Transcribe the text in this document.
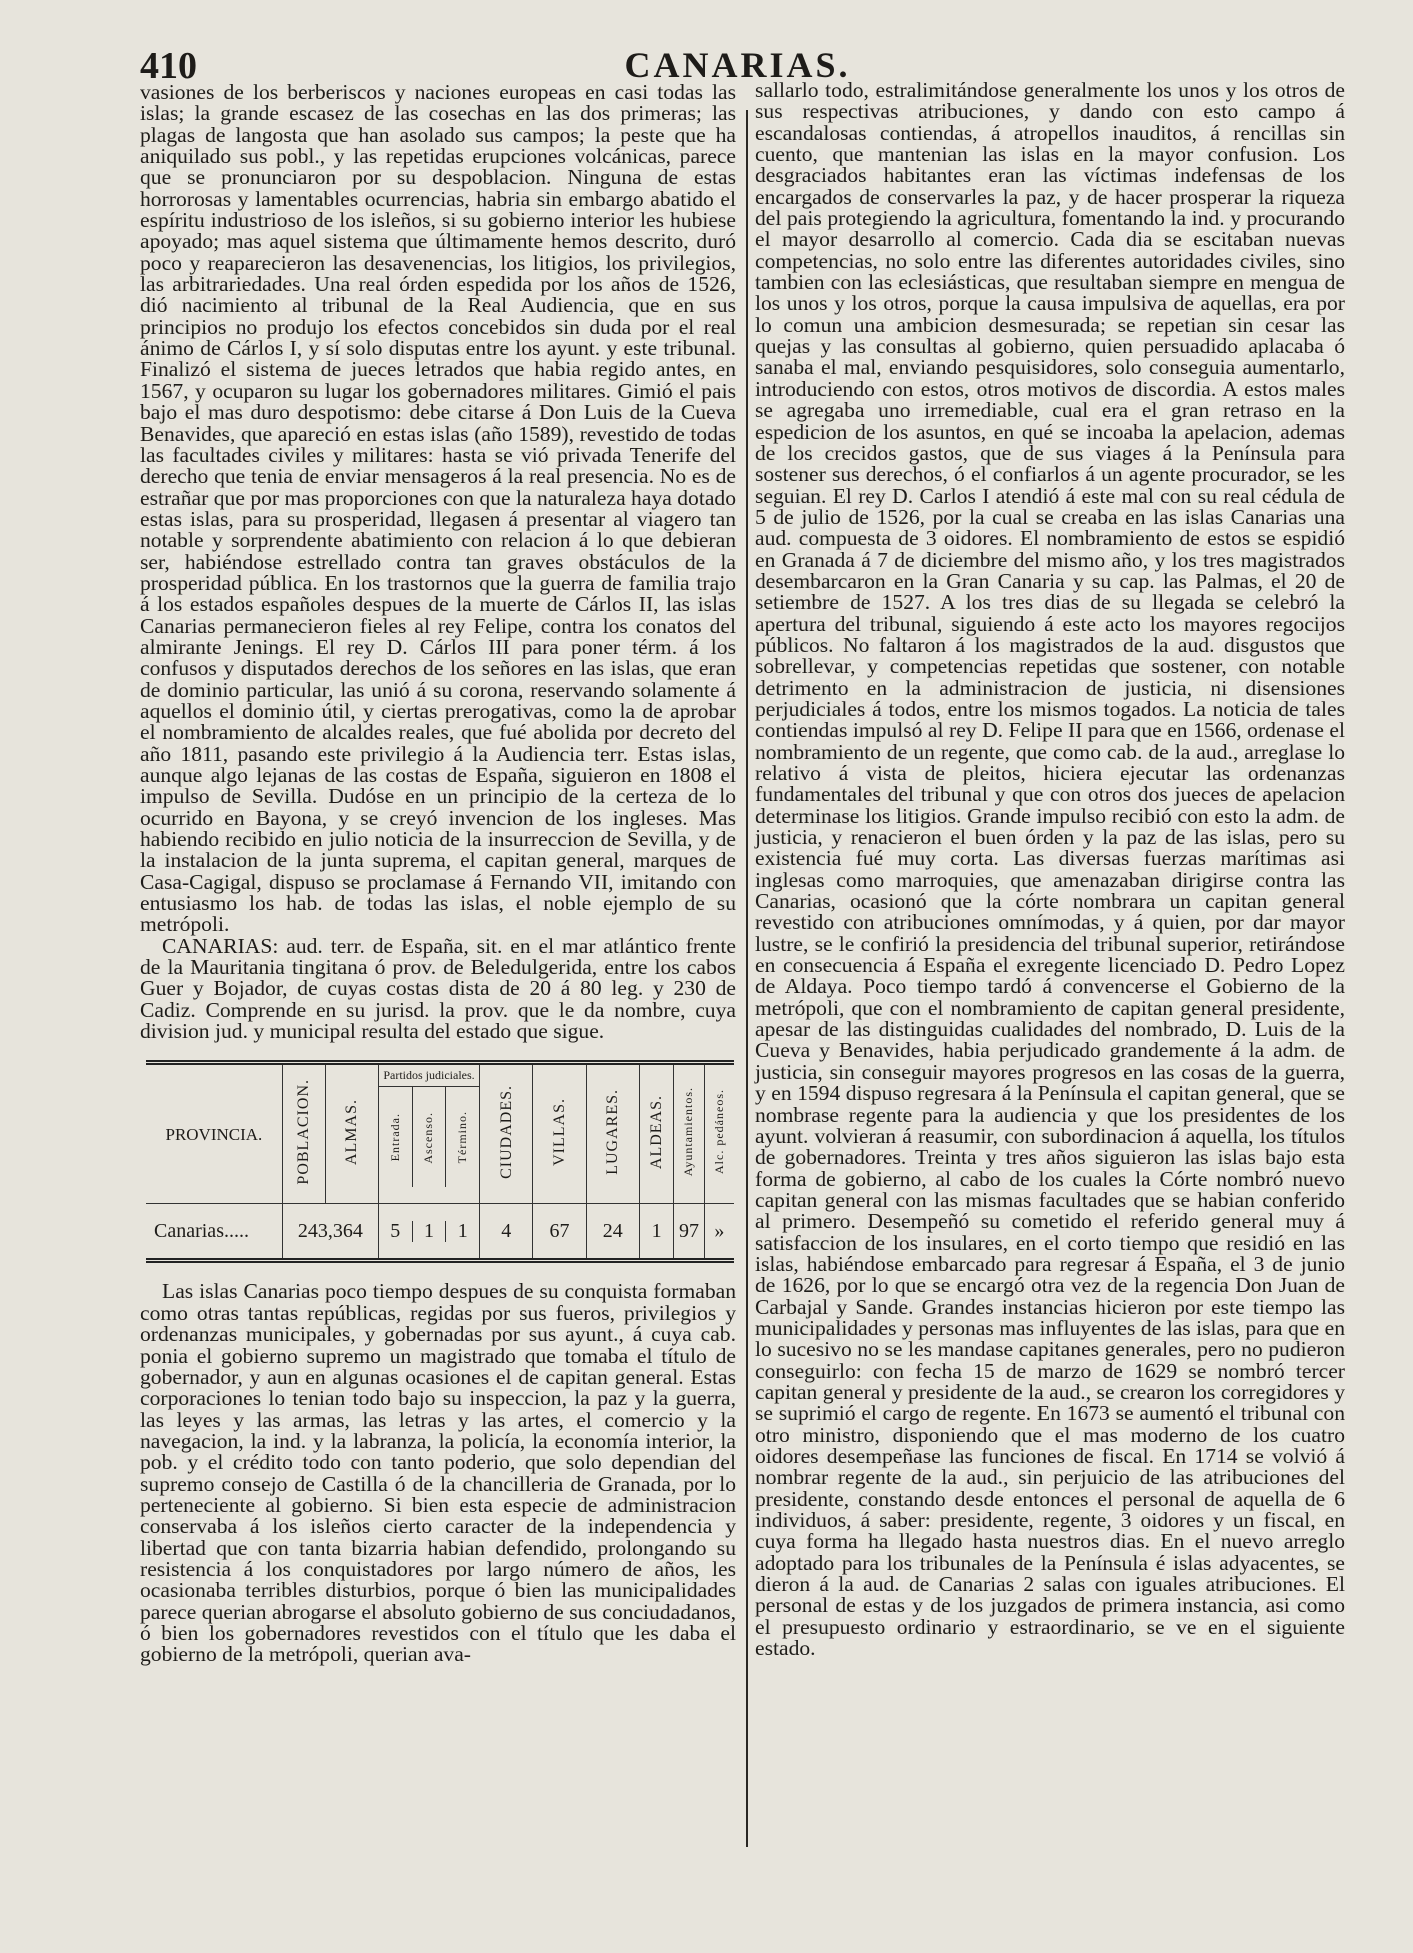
410	CANARIAS.

vasiones de los berberiscos y naciones europeas en casi todas las islas; la grande escasez de las cosechas en las dos primeras; las plagas de langosta que han asolado sus campos; la peste que ha aniquilado sus pobl., y las repetidas erupciones volcánicas, parece que se pronunciaron por su despoblacion. Ninguna de estas horrorosas y lamentables ocurrencias, habria sin embargo abatido el espíritu industrioso de los isleños, si su gobierno interior les hubiese apoyado; mas aquel sistema que últimamente hemos descrito, duró poco y reaparecieron las desavenencias, los litigios, los privilegios, las arbitrariedades. Una real órden espedida por los años de 1526, dió nacimiento al tribunal de la Real Audiencia, que en sus principios no produjo los efectos concebidos sin duda por el real ánimo de Cárlos I, y sí solo disputas entre los ayunt. y este tribunal. Finalizó el sistema de jueces letrados que habia regido antes, en 1567, y ocuparon su lugar los gobernadores militares. Gimió el pais bajo el mas duro despotismo: debe citarse á Don Luis de la Cueva Benavides, que apareció en estas islas (año 1589), revestido de todas las facultades civiles y militares: hasta se vió privada Tenerife del derecho que tenia de enviar mensageros á la real presencia. No es de estrañar que por mas proporciones con que la naturaleza haya dotado estas islas, para su prosperidad, llegasen á presentar al viagero tan notable y sorprendente abatimiento con relacion á lo que debieran ser, habiéndose estrellado contra tan graves obstáculos de la prosperidad pública. En los trastornos que la guerra de familia trajo á los estados españoles despues de la muerte de Cárlos II, las islas Canarias permanecieron fieles al rey Felipe, contra los conatos del almirante Jenings. El rey D. Cárlos III para poner térm. á los confusos y disputados derechos de los señores en las islas, que eran de dominio particular, las unió á su corona, reservando solamente á aquellos el dominio útil, y ciertas prerogativas, como la de aprobar el nombramiento de alcaldes reales, que fué abolida por decreto del año 1811, pasando este privilegio á la Audiencia terr. Estas islas, aunque algo lejanas de las costas de España, siguieron en 1808 el impulso de Sevilla. Dudóse en un principio de la certeza de lo ocurrido en Bayona, y se creyó invencion de los ingleses. Mas habiendo recibido en julio noticia de la insurreccion de Sevilla, y de la instalacion de la junta suprema, el capitan general, marques de Casa-Cagigal, dispuso se proclamase á Fernando VII, imitando con entusiasmo los hab. de todas las islas, el noble ejemplo de su metrópoli.

CANARIAS: aud. terr. de España, sit. en el mar atlántico frente de la Mauritania tingitana ó prov. de Beledulgerida, entre los cabos Guer y Bojador, de cuyas costas dista de 20 á 80 leg. y 230 de Cadiz. Comprende en su jurisd. la prov. que le da nombre, cuya division jud. y municipal resulta del estado que sigue.

PROVINCIA.	POBLACION.	ALMAS.	Partidos judiciales.
Entrada. Ascenso. Término.	CIUDADES.	VILLAS.	LUGARES.	ALDEAS.	Ayuntamientos.	Alc. pedáneos.
Canarias.....	243,364		5 1 1	4	67	24	1	97	»

Las islas Canarias poco tiempo despues de su conquista formaban como otras tantas repúblicas, regidas por sus fueros, privilegios y ordenanzas municipales, y gobernadas por sus ayunt., á cuya cab. ponia el gobierno supremo un magistrado que tomaba el título de gobernador, y aun en algunas ocasiones el de capitan general. Estas corporaciones lo tenian todo bajo su inspeccion, la paz y la guerra, las leyes y las armas, las letras y las artes, el comercio y la navegacion, la ind. y la labranza, la policía, la economía interior, la pob. y el crédito todo con tanto poderio, que solo dependian del supremo consejo de Castilla ó de la chancilleria de Granada, por lo perteneciente al gobierno. Si bien esta especie de administracion conservaba á los isleños cierto caracter de la independencia y libertad que con tanta bizarria habian defendido, prolongando su resistencia á los conquistadores por largo número de años, les ocasionaba terribles disturbios, porque ó bien las municipalidades parece querian abrogarse el absoluto gobierno de sus conciudadanos, ó bien los gobernadores revestidos con el título que les daba el gobierno de la metrópoli, querian ava-

sallarlo todo, estralimitándose generalmente los unos y los otros de sus respectivas atribuciones, y dando con esto campo á escandalosas contiendas, á atropellos inauditos, á rencillas sin cuento, que mantenian las islas en la mayor confusion. Los desgraciados habitantes eran las víctimas indefensas de los encargados de conservarles la paz, y de hacer prosperar la riqueza del pais protegiendo la agricultura, fomentando la ind. y procurando el mayor desarrollo al comercio. Cada dia se escitaban nuevas competencias, no solo entre las diferentes autoridades civiles, sino tambien con las eclesiásticas, que resultaban siempre en mengua de los unos y los otros, porque la causa impulsiva de aquellas, era por lo comun una ambicion desmesurada; se repetian sin cesar las quejas y las consultas al gobierno, quien persuadido aplacaba ó sanaba el mal, enviando pesquisidores, solo conseguia aumentarlo, introduciendo con estos, otros motivos de discordia. A estos males se agregaba uno irremediable, cual era el gran retraso en la espedicion de los asuntos, en qué se incoaba la apelacion, ademas de los crecidos gastos, que de sus viages á la Península para sostener sus derechos, ó el confiarlos á un agente procurador, se les seguian. El rey D. Carlos I atendió á este mal con su real cédula de 5 de julio de 1526, por la cual se creaba en las islas Canarias una aud. compuesta de 3 oidores. El nombramiento de estos se espidió en Granada á 7 de diciembre del mismo año, y los tres magistrados desembarcaron en la Gran Canaria y su cap. las Palmas, el 20 de setiembre de 1527. A los tres dias de su llegada se celebró la apertura del tribunal, siguiendo á este acto los mayores regocijos públicos. No faltaron á los magistrados de la aud. disgustos que sobrellevar, y competencias repetidas que sostener, con notable detrimento en la administracion de justicia, ni disensiones perjudiciales á todos, entre los mismos togados. La noticia de tales contiendas impulsó al rey D. Felipe II para que en 1566, ordenase el nombramiento de un regente, que como cab. de la aud., arreglase lo relativo á vista de pleitos, hiciera ejecutar las ordenanzas fundamentales del tribunal y que con otros dos jueces de apelacion determinase los litigios. Grande impulso recibió con esto la adm. de justicia, y renacieron el buen órden y la paz de las islas, pero su existencia fué muy corta. Las diversas fuerzas marítimas asi inglesas como marroquies, que amenazaban dirigirse contra las Canarias, ocasionó que la córte nombrara un capitan general revestido con atribuciones omnímodas, y á quien, por dar mayor lustre, se le confirió la presidencia del tribunal superior, retirándose en consecuencia á España el exregente licenciado D. Pedro Lopez de Aldaya. Poco tiempo tardó á convencerse el Gobierno de la metrópoli, que con el nombramiento de capitan general presidente, apesar de las distinguidas cualidades del nombrado, D. Luis de la Cueva y Benavides, habia perjudicado grandemente á la adm. de justicia, sin conseguir mayores progresos en las cosas de la guerra, y en 1594 dispuso regresara á la Península el capitan general, que se nombrase regente para la audiencia y que los presidentes de los ayunt. volvieran á reasumir, con subordinacion á aquella, los títulos de gobernadores. Treinta y tres años siguieron las islas bajo esta forma de gobierno, al cabo de los cuales la Córte nombró nuevo capitan general con las mismas facultades que se habian conferido al primero. Desempeñó su cometido el referido general muy á satisfaccion de los insulares, en el corto tiempo que residió en las islas, habiéndose embarcado para regresar á España, el 3 de junio de 1626, por lo que se encargó otra vez de la regencia Don Juan de Carbajal y Sande. Grandes instancias hicieron por este tiempo las municipalidades y personas mas influyentes de las islas, para que en lo sucesivo no se les mandase capitanes generales, pero no pudieron conseguirlo: con fecha 15 de marzo de 1629 se nombró tercer capitan general y presidente de la aud., se crearon los corregidores y se suprimió el cargo de regente. En 1673 se aumentó el tribunal con otro ministro, disponiendo que el mas moderno de los cuatro oidores desempeñase las funciones de fiscal. En 1714 se volvió á nombrar regente de la aud., sin perjuicio de las atribuciones del presidente, constando desde entonces el personal de aquella de 6 individuos, á saber: presidente, regente, 3 oidores y un fiscal, en cuya forma ha llegado hasta nuestros dias. En el nuevo arreglo adoptado para los tribunales de la Península é islas adyacentes, se dieron á la aud. de Canarias 2 salas con iguales atribuciones. El personal de estas y de los juzgados de primera instancia, asi como el presupuesto ordinario y estraordinario, se ve en el siguiente estado.
